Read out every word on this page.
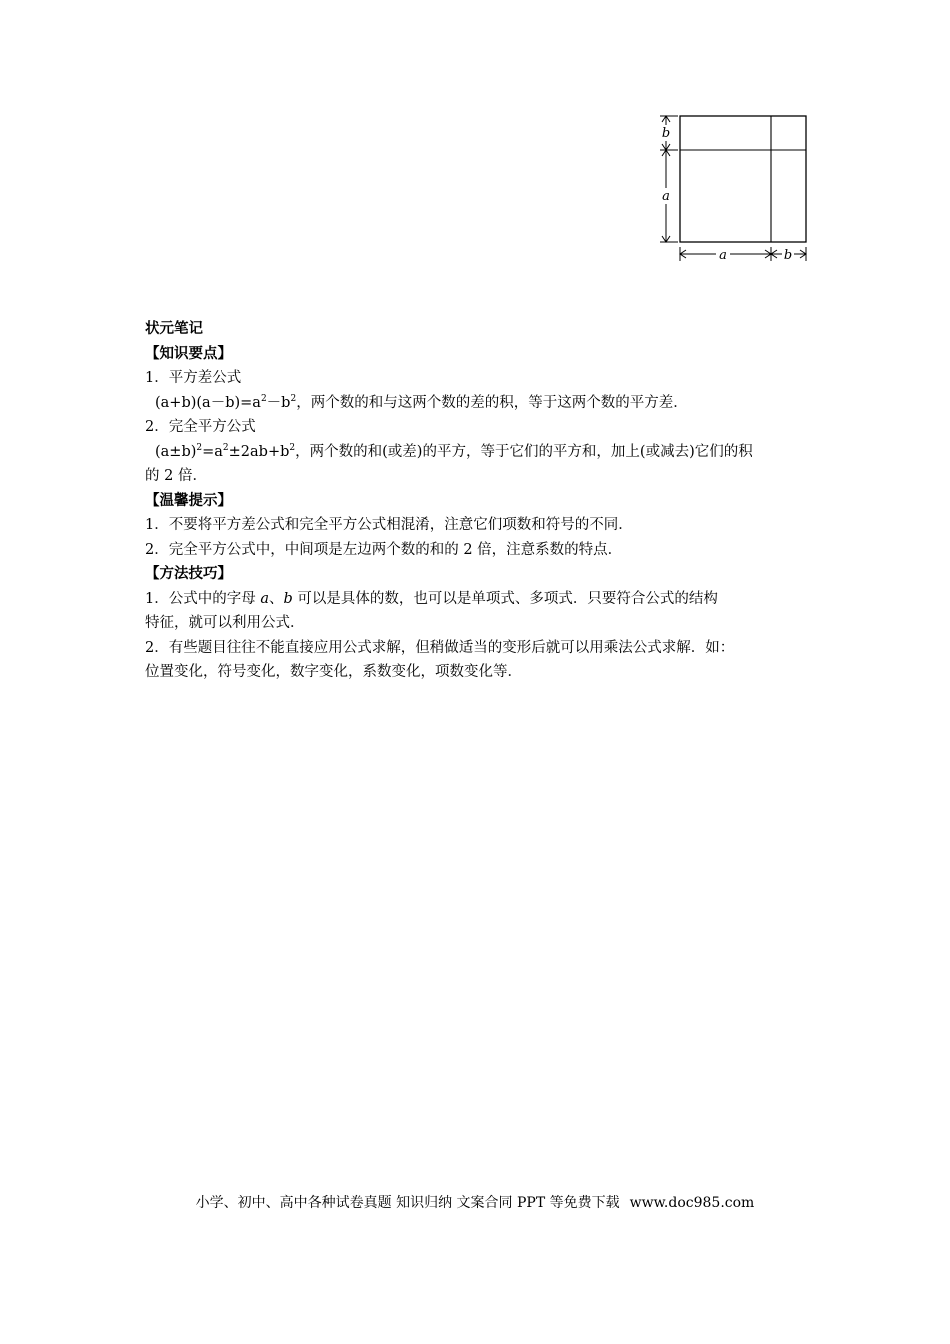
b
a
a	b
状元笔记
【知识要点】
1．平方差公式
$(a+b)(a-b)=a^2-b^2$，两个数的和与这两个数的差的积，等于这两个数的平方差．
2．完全平方公式
$(a\pm b)^2=a^2\pm 2ab+b^2$，两个数的和(或差)的平方，等于它们的平方和，加上(或减去)它们的积
的 2 倍．
【温馨提示】
1．不要将平方差公式和完全平方公式相混淆，注意它们项数和符号的不同．
2．完全平方公式中，中间项是左边两个数的和的 2 倍，注意系数的特点．
【方法技巧】
1．公式中的字母 a、b 可以是具体的数，也可以是单项式、多项式．只要符合公式的结构
特征，就可以利用公式．
2．有些题目往往不能直接应用公式求解，但稍做适当的变形后就可以用乘法公式求解．如：
位置变化，符号变化，数字变化，系数变化，项数变化等．
小学、初中、高中各种试卷真题 知识归纳 文案合同 PPT 等免费下载 www.doc985.com
